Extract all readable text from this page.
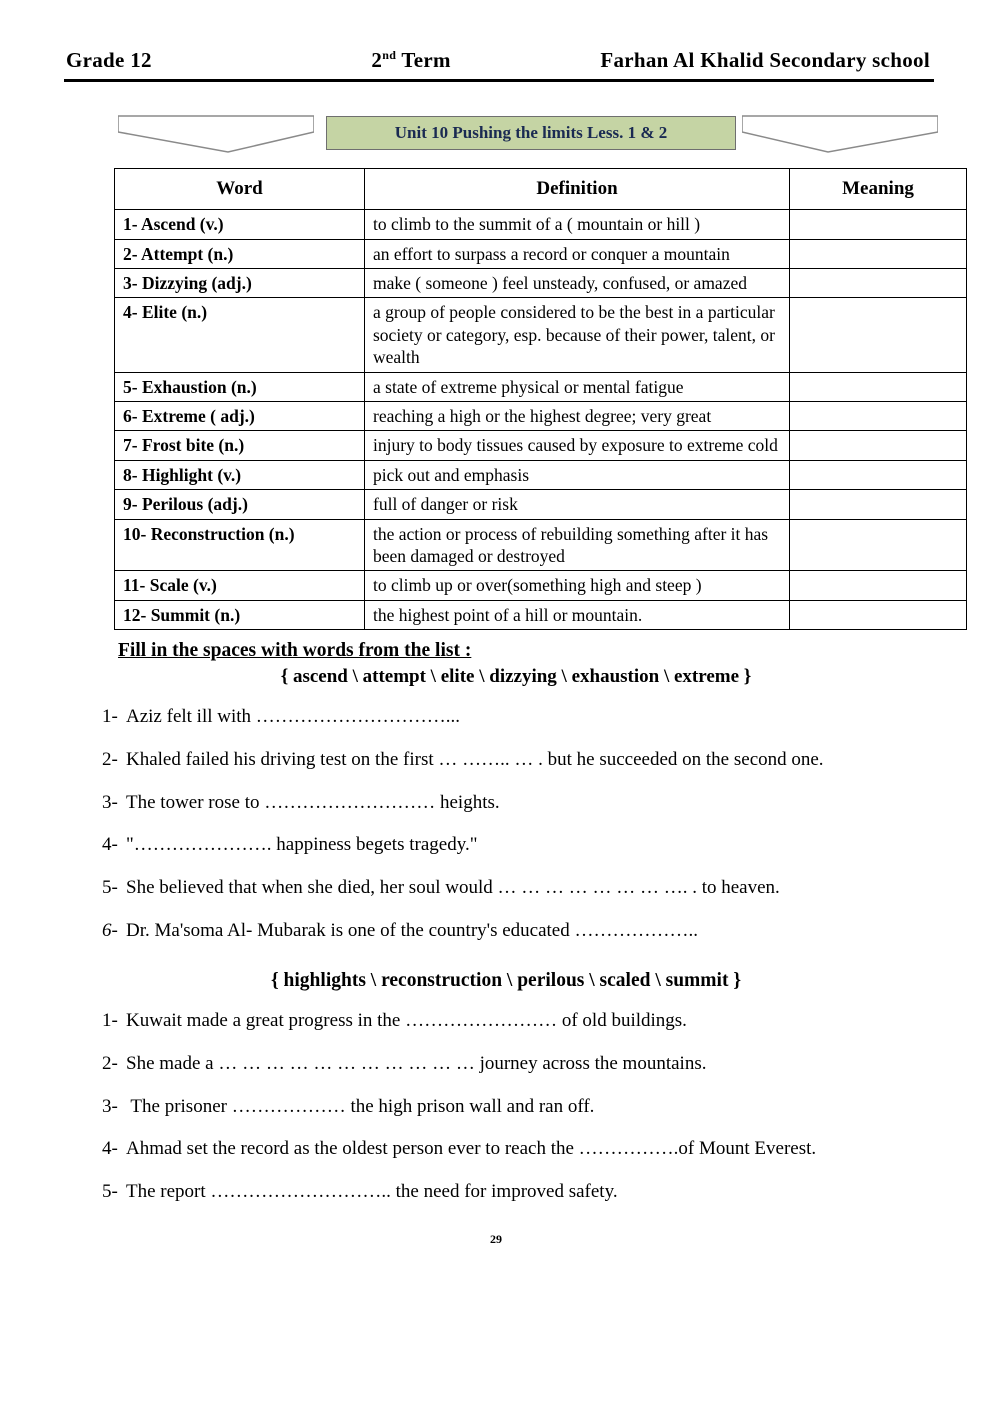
Grade 12	2nd Term	Farhan Al Khalid Secondary school
Unit 10 Pushing the limits Less. 1 & 2
Word	Definition	Meaning
1- Ascend (v.)	to climb to the summit of a ( mountain or hill )	
2- Attempt (n.)	an effort to surpass a record or conquer a mountain	
3- Dizzying (adj.)	make ( someone ) feel unsteady, confused, or amazed	
4- Elite (n.)	a group of people considered to be the best in a particular society or category, esp. because of their power, talent, or wealth	
5- Exhaustion (n.)	a state of extreme physical or mental fatigue	
6- Extreme ( adj.)	reaching a high or the highest degree; very great	
7- Frost bite (n.)	injury to body tissues caused by exposure to extreme cold	
8- Highlight (v.)	pick out and emphasis	
9- Perilous (adj.)	full of danger or risk	
10- Reconstruction (n.)	the action or process of rebuilding something after it has been damaged or destroyed	
11- Scale (v.)	to climb up or over(something high and steep )	
12- Summit (n.)	the highest point of a hill or mountain.	
Fill in the spaces with words from the list :
{ ascend \ attempt \ elite \ dizzying \ exhaustion \ extreme }
1- Aziz felt ill with …………………………...
2- Khaled failed his driving test on the first … …….. … . but he succeeded on the second one.
3- The tower rose to ……………………… heights.
4- "…………………. happiness begets tragedy."
5- She believed that when she died, her soul would … … … … … … … …. . to heaven.
6- Dr. Ma'soma Al- Mubarak is one of the country's educated ………………..
{ highlights \ reconstruction \ perilous \ scaled \ summit }
1- Kuwait made a great progress in the …………………… of old buildings.
2- She made a … … … … … … … … … … … journey across the mountains.
3- The prisoner ……………… the high prison wall and ran off.
4- Ahmad set the record as the oldest person ever to reach the …………….of Mount Everest.
5- The report ……………………….. the need for improved safety.
29
